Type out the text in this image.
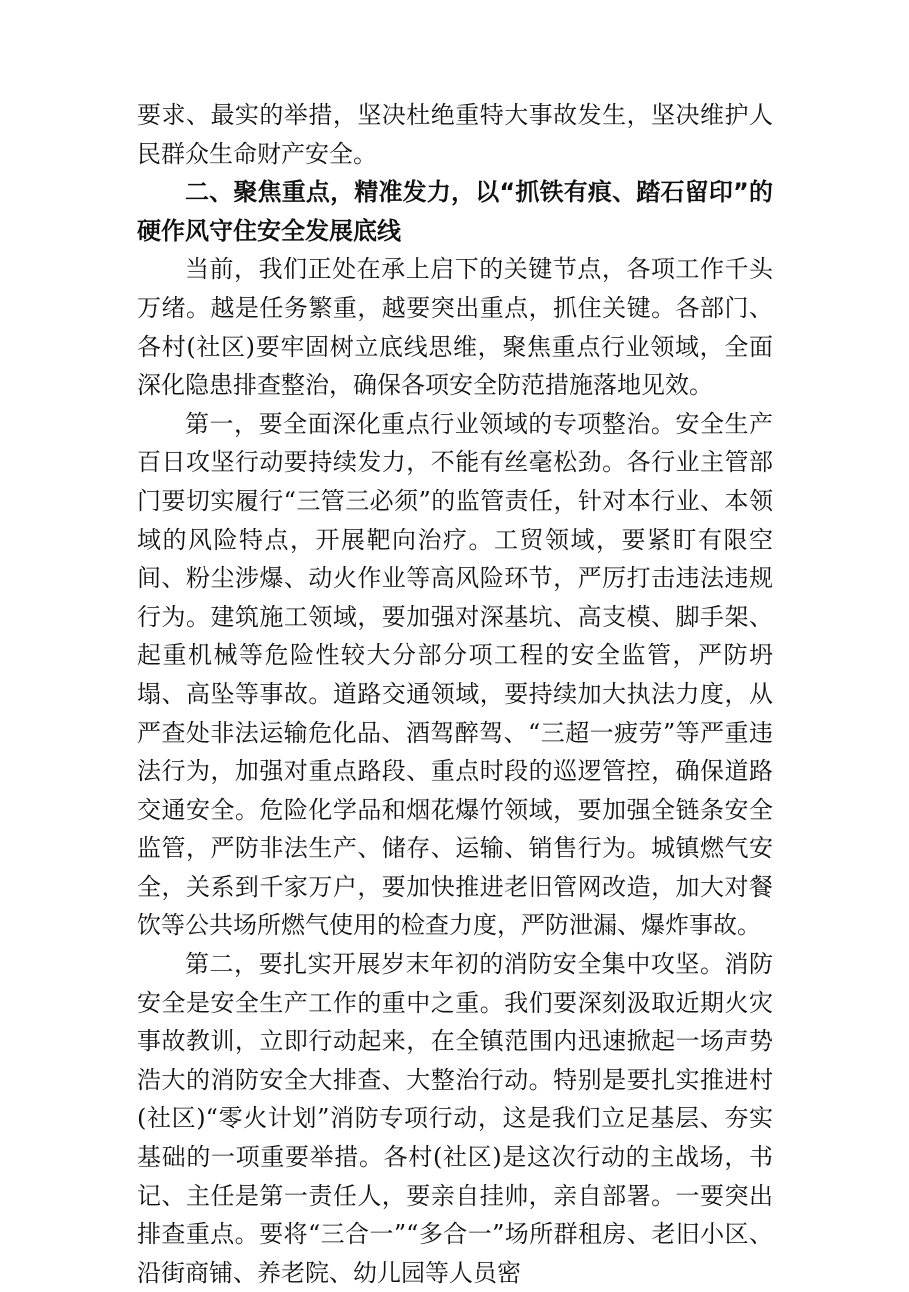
要求、最实的举措，坚决杜绝重特大事故发生，坚决维护人民群众生命财产安全。

二、聚焦重点，精准发力，以“抓铁有痕、踏石留印”的硬作风守住安全发展底线

当前，我们正处在承上启下的关键节点，各项工作千头万绪。越是任务繁重，越要突出重点，抓住关键。各部门、各村(社区)要牢固树立底线思维，聚焦重点行业领域，全面深化隐患排查整治，确保各项安全防范措施落地见效。

第一，要全面深化重点行业领域的专项整治。安全生产百日攻坚行动要持续发力，不能有丝毫松劲。各行业主管部门要切实履行“三管三必须”的监管责任，针对本行业、本领域的风险特点，开展靶向治疗。工贸领域，要紧盯有限空间、粉尘涉爆、动火作业等高风险环节，严厉打击违法违规行为。建筑施工领域，要加强对深基坑、高支模、脚手架、起重机械等危险性较大分部分项工程的安全监管，严防坍塌、高坠等事故。道路交通领域，要持续加大执法力度，从严查处非法运输危化品、酒驾醉驾、“三超一疲劳”等严重违法行为，加强对重点路段、重点时段的巡逻管控，确保道路交通安全。危险化学品和烟花爆竹领域，要加强全链条安全监管，严防非法生产、储存、运输、销售行为。城镇燃气安全，关系到千家万户，要加快推进老旧管网改造，加大对餐饮等公共场所燃气使用的检查力度，严防泄漏、爆炸事故。

第二，要扎实开展岁末年初的消防安全集中攻坚。消防安全是安全生产工作的重中之重。我们要深刻汲取近期火灾事故教训，立即行动起来，在全镇范围内迅速掀起一场声势浩大的消防安全大排查、大整治行动。特别是要扎实推进村(社区)“零火计划”消防专项行动，这是我们立足基层、夯实基础的一项重要举措。各村(社区)是这次行动的主战场，书记、主任是第一责任人，要亲自挂帅，亲自部署。一要突出排查重点。要将“三合一”“多合一”场所群租房、老旧小区、沿街商铺、养老院、幼儿园等人员密
